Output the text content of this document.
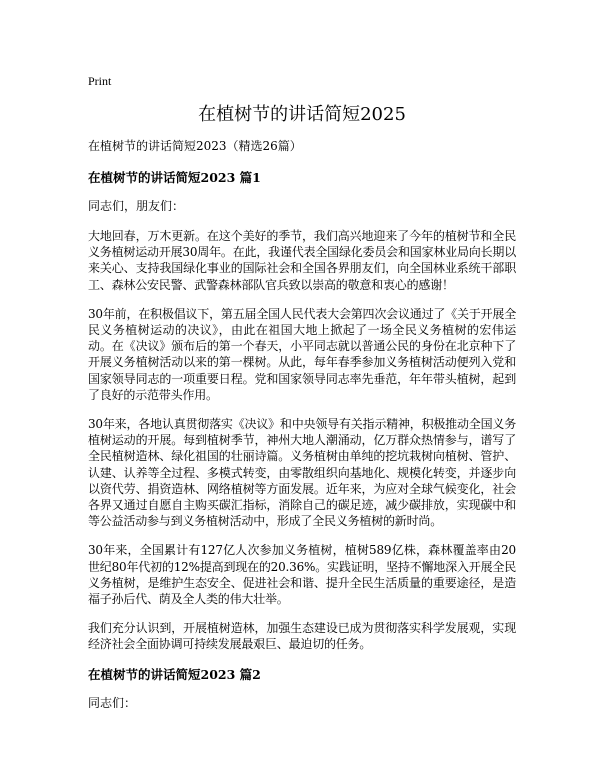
Print
在植树节的讲话简短2025
在植树节的讲话简短2023（精选26篇）
在植树节的讲话简短2023 篇1
同志们，朋友们：

大地回春，万木更新。在这个美好的季节，我们高兴地迎来了今年的植树节和全民义务植树运动开展30周年。在此，我谨代表全国绿化委员会和国家林业局向长期以来关心、支持我国绿化事业的国际社会和全国各界朋友们，向全国林业系统干部职工、森林公安民警、武警森林部队官兵致以崇高的敬意和衷心的感谢！

30年前，在积极倡议下，第五届全国人民代表大会第四次会议通过了《关于开展全民义务植树运动的决议》，由此在祖国大地上掀起了一场全民义务植树的宏伟运动。在《决议》颁布后的第一个春天，小平同志就以普通公民的身份在北京种下了开展义务植树活动以来的第一棵树。从此，每年春季参加义务植树活动便列入党和国家领导同志的一项重要日程。党和国家领导同志率先垂范，年年带头植树，起到了良好的示范带头作用。

30年来，各地认真贯彻落实《决议》和中央领导有关指示精神，积极推动全国义务植树运动的开展。每到植树季节，神州大地人潮涌动，亿万群众热情参与，谱写了全民植树造林、绿化祖国的壮丽诗篇。义务植树由单纯的挖坑栽树向植树、管护、认建、认养等全过程、多模式转变，由零散组织向基地化、规模化转变，并逐步向以资代劳、捐资造林、网络植树等方面发展。近年来，为应对全球气候变化，社会各界又通过自愿自主购买碳汇指标，消除自己的碳足迹，减少碳排放，实现碳中和等公益活动参与到义务植树活动中，形成了全民义务植树的新时尚。

30年来，全国累计有127亿人次参加义务植树，植树589亿株，森林覆盖率由20世纪80年代初的12%提高到现在的20.36%。实践证明，坚持不懈地深入开展全民义务植树，是维护生态安全、促进社会和谐、提升全民生活质量的重要途径，是造福子孙后代、荫及全人类的伟大壮举。

我们充分认识到，开展植树造林，加强生态建设已成为贯彻落实科学发展观，实现经济社会全面协调可持续发展最艰巨、最迫切的任务。

在植树节的讲话简短2023 篇2
同志们：
